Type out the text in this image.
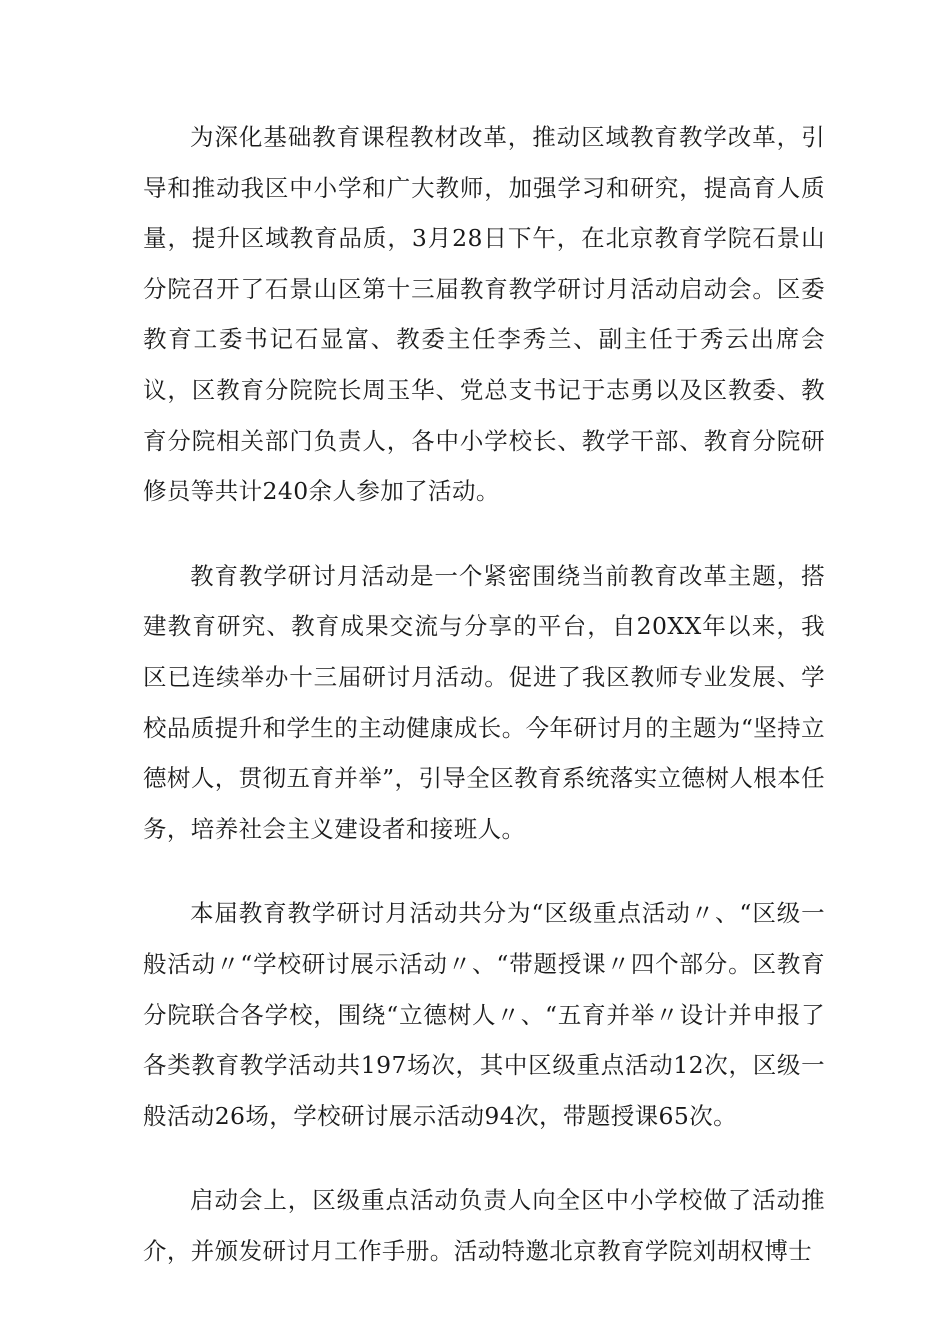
为深化基础教育课程教材改革，推动区域教育教学改革，引导和推动我区中小学和广大教师，加强学习和研究，提高育人质量，提升区域教育品质，3月28日下午，在北京教育学院石景山分院召开了石景山区第十三届教育教学研讨月活动启动会。区委教育工委书记石显富、教委主任李秀兰、副主任于秀云出席会议，区教育分院院长周玉华、党总支书记于志勇以及区教委、教育分院相关部门负责人，各中小学校长、教学干部、教育分院研修员等共计240余人参加了活动。

教育教学研讨月活动是一个紧密围绕当前教育改革主题，搭建教育研究、教育成果交流与分享的平台，自20XX年以来，我区已连续举办十三届研讨月活动。促进了我区教师专业发展、学校品质提升和学生的主动健康成长。今年研讨月的主题为“坚持立德树人，贯彻五育并举”，引导全区教育系统落实立德树人根本任务，培养社会主义建设者和接班人。

本届教育教学研讨月活动共分为“区级重点活动〃、“区级一般活动〃“学校研讨展示活动〃、“带题授课〃四个部分。区教育分院联合各学校，围绕“立德树人〃、“五育并举〃设计并申报了各类教育教学活动共197场次，其中区级重点活动12次，区级一般活动26场，学校研讨展示活动94次，带题授课65次。

启动会上，区级重点活动负责人向全区中小学校做了活动推介，并颁发研讨月工作手册。活动特邀北京教育学院刘胡权博士
